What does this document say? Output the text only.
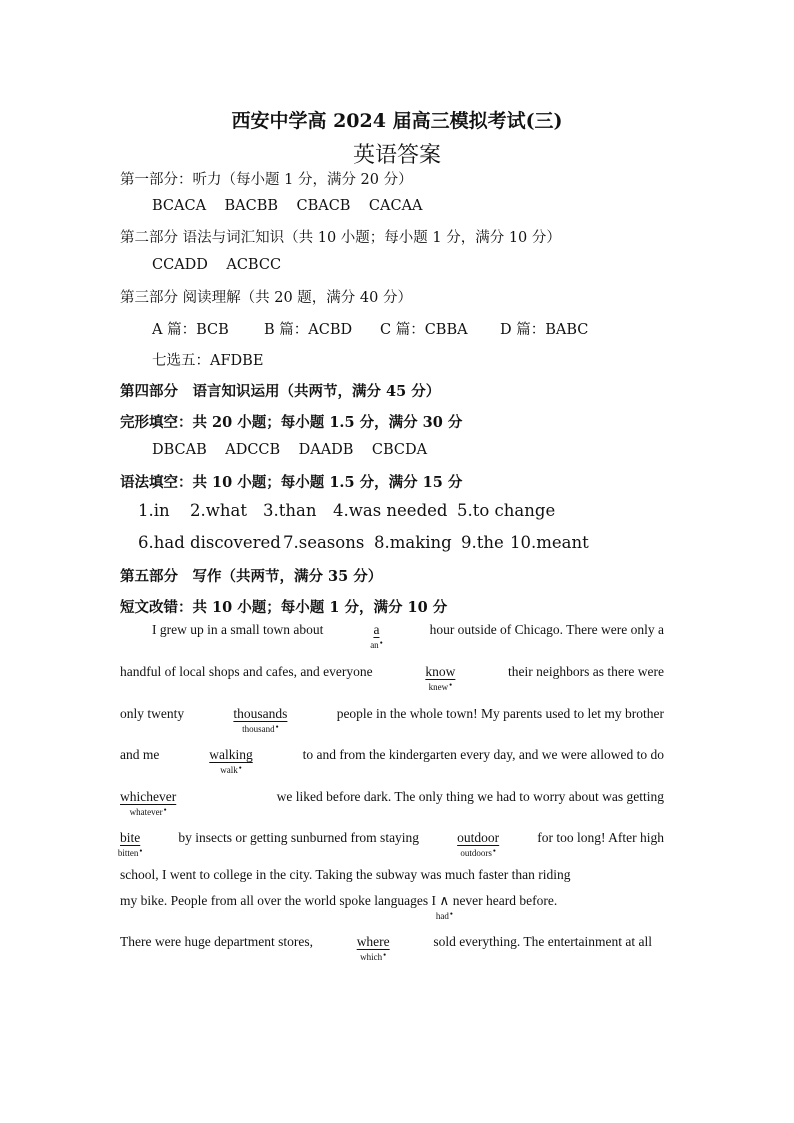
西安中学高 2024 届高三模拟考试(三)
英语答案
第一部分：听力（每小题 1 分，满分 20 分）
BCACA BACBB CBACB CACAA
第二部分 语法与词汇知识（共 10 小题；每小题 1 分，满分 10 分）
CCADD ACBCC
第三部分 阅读理解（共 20 题，满分 40 分）
A 篇：BCB B 篇：ACBD C 篇：CBBA D 篇：BABC
七选五：AFDBE
第四部分　语言知识运用（共两节，满分 45 分）
完形填空：共 20 小题；每小题 1.5 分，满分 30 分
DBCAB ADCCB DAADB CBCDA
语法填空：共 10 小题；每小题 1.5 分，满分 15 分
1.in 2.what 3.than 4.was needed 5.to change
6.had discovered 7.seasons 8.making 9.the 10.meant
第五部分　写作（共两节，满分 35 分）
短文改错：共 10 小题；每小题 1 分，满分 10 分
I grew up in a small town about	a
an ●
hour outside of Chicago. There were only a
handful of local shops and cafes, and everyone	know
knew ●
their neighbors as there were
only twenty	thousands
thousand ●
people in the whole town! My parents used to let my brother
and me	walking
walk ●
to and from the kindergarten every day, and we were allowed to do
whichever
whatever ●
we liked before dark. The only thing we had to worry about was getting
bite
bitten ●
by insects or getting sunburned from staying	outdoor
outdoors ●
for too long! After high
school, I went to college in the city. Taking the subway was much faster than riding
my bike. People from all over the world spoke languages I ∧
had ●
never heard before.
There were huge department stores,	where
which ●
sold everything. The entertainment at all
